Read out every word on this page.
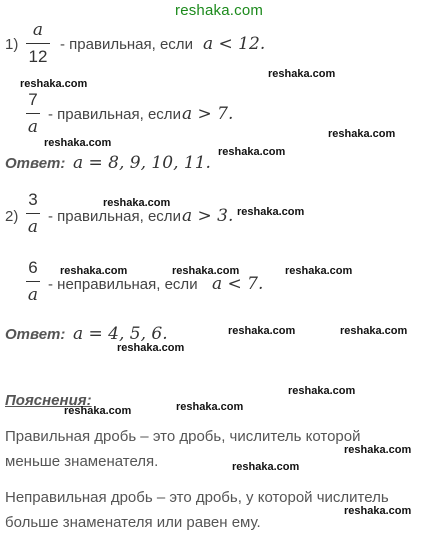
reshaka.com
1)
a
12
- правильная, если a < 12.
reshaka.com
reshaka.com
7
a
- правильная, если a > 7.
reshaka.com
reshaka.com
reshaka.com
Ответ: a = 8, 9, 10, 11.
reshaka.com
reshaka.com
2)
3
a
- правильная, если a > 3.
6
a
reshaka.com	reshaka.com	reshaka.com
- неправильная, если a < 7.
Ответ: a = 4, 5, 6.	reshaka.com	reshaka.com
reshaka.com
reshaka.com
Пояснения:
reshaka.com	reshaka.com
Правильная дробь – это дробь, числитель которой
reshaka.com
меньше знаменателя.	reshaka.com
Неправильная дробь – это дробь, у которой числитель
reshaka.com
больше знаменателя или равен ему.
